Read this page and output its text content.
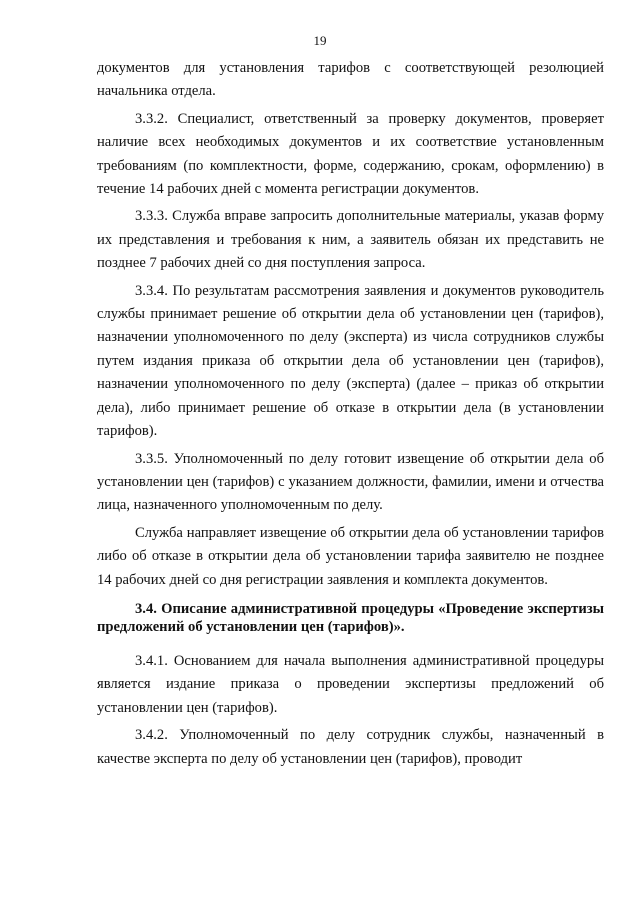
19

документов для установления тарифов с соответствующей резолюцией начальника отдела.

3.3.2. Специалист, ответственный за проверку документов, проверяет наличие всех необходимых документов и их соответствие установленным требованиям (по комплектности, форме, содержанию, срокам, оформлению) в течение 14 рабочих дней с момента регистрации документов.

3.3.3. Служба вправе запросить дополнительные материалы, указав форму их представления и требования к ним, а заявитель обязан их представить не позднее 7 рабочих дней со дня поступления запроса.

3.3.4. По результатам рассмотрения заявления и документов руководитель службы принимает решение об открытии дела об установлении цен (тарифов), назначении уполномоченного по делу (эксперта) из числа сотрудников службы путем издания приказа об открытии дела об установлении цен (тарифов), назначении уполномоченного по делу (эксперта) (далее – приказ об открытии дела), либо принимает решение об отказе в открытии дела (в установлении тарифов).

3.3.5. Уполномоченный по делу готовит извещение об открытии дела об установлении цен (тарифов) с указанием должности, фамилии, имени и отчества лица, назначенного уполномоченным по делу.

Служба направляет извещение об открытии дела об установлении тарифов либо об отказе в открытии дела об установлении тарифа заявителю не позднее 14 рабочих дней со дня регистрации заявления и комплекта документов.

3.4. Описание административной процедуры «Проведение экспертизы предложений об установлении цен (тарифов)».

3.4.1. Основанием для начала выполнения административной процедуры является издание приказа о проведении экспертизы предложений об установлении цен (тарифов).

3.4.2. Уполномоченный по делу сотрудник службы, назначенный в качестве эксперта по делу об установлении цен (тарифов), проводит
